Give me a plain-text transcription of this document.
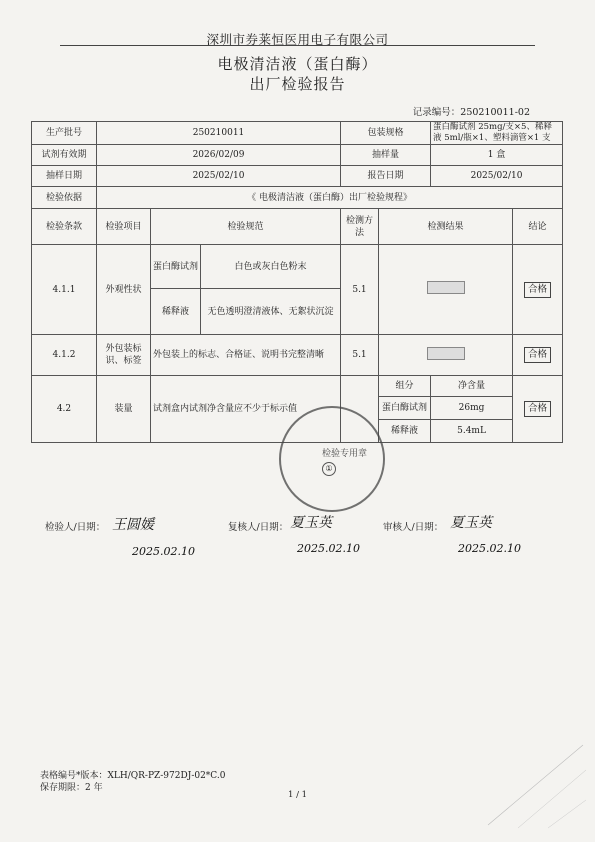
深圳市券莱恒医用电子有限公司
电极清洁液（蛋白酶）
出厂检验报告
记录编号：250210011-02
生产批号	250210011			包装规格		蛋白酶试剂 25mg/支×5、稀释液 5ml/瓶×1、塑料滴管×1 支	
试剂有效期	2026/02/09			抽样量		1 盒	
抽样日期	2025/02/10			报告日期		2025/02/10	
检验依据	《 电极清洁液（蛋白酶）出厂检验规程》						
检验条款	检验项目	检验规范		检测方法	检测结果		结论
4.1.1	外观性状	蛋白酶试剂	白色或灰白色粉末	5.1			合格
		稀释液	无色透明澄清液体、无絮状沉淀				
4.1.2	外包装标识、标签	外包装上的标志、合格证、说明书完整清晰		5.1			合格
4.2	装量	试剂盒内试剂净含量应不少于标示值			组分	净含量	合格
					蛋白酶试剂	26mg	
					稀释液	5.4mL	
检验专用章
①
检验人/日期： 王圆媛
2025.02.10
复核人/日期： 夏玉英
2025.02.10
审核人/日期： 夏玉英
2025.02.10
表格编号*版本：XLH/QR-PZ-972DJ-02*C.0
保存期限：2 年
1 / 1
